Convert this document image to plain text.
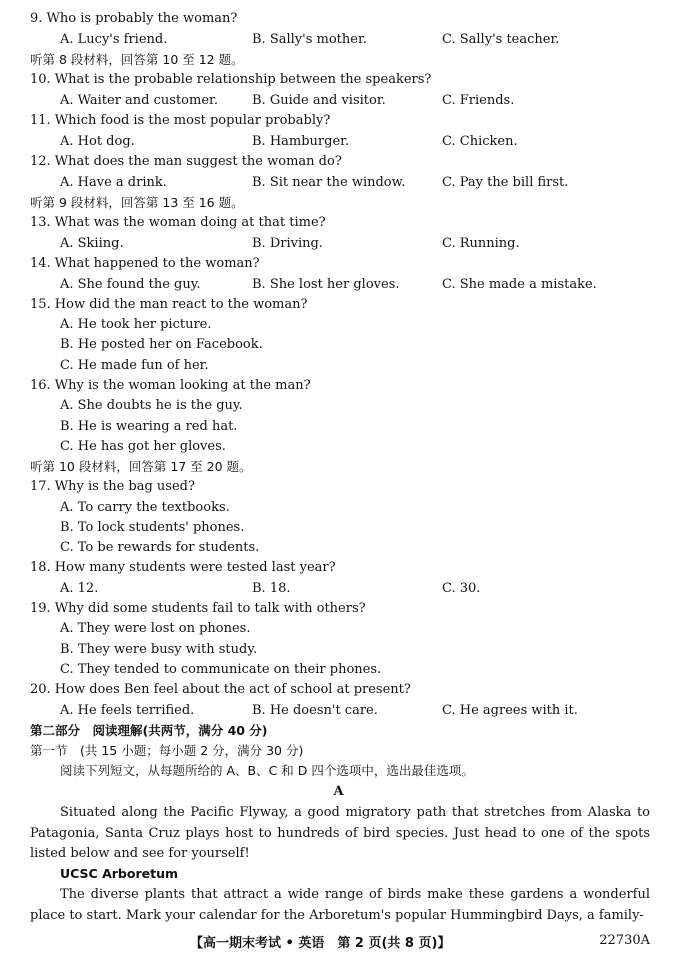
9. Who is probably the woman?
A. Lucy's friend.	B. Sally's mother.	C. Sally's teacher.
听第 8 段材料，回答第 10 至 12 题。
10. What is the probable relationship between the speakers?
A. Waiter and customer.	B. Guide and visitor.	C. Friends.
11. Which food is the most popular probably?
A. Hot dog.	B. Hamburger.	C. Chicken.
12. What does the man suggest the woman do?
A. Have a drink.	B. Sit near the window.	C. Pay the bill first.
听第 9 段材料，回答第 13 至 16 题。
13. What was the woman doing at that time?
A. Skiing.	B. Driving.	C. Running.
14. What happened to the woman?
A. She found the guy.	B. She lost her gloves.	C. She made a mistake.
15. How did the man react to the woman?
A. He took her picture.
B. He posted her on Facebook.
C. He made fun of her.
16. Why is the woman looking at the man?
A. She doubts he is the guy.
B. He is wearing a red hat.
C. He has got her gloves.
听第 10 段材料，回答第 17 至 20 题。
17. Why is the bag used?
A. To carry the textbooks.
B. To lock students' phones.
C. To be rewards for students.
18. How many students were tested last year?
A. 12.	B. 18.	C. 30.
19. Why did some students fail to talk with others?
A. They were lost on phones.
B. They were busy with study.
C. They tended to communicate on their phones.
20. How does Ben feel about the act of school at present?
A. He feels terrified.	B. He doesn't care.	C. He agrees with it.
第二部分　阅读理解(共两节，满分 40 分)
第一节　(共 15 小题；每小题 2 分，满分 30 分)
阅读下列短文，从每题所给的 A、B、C 和 D 四个选项中，选出最佳选项。
A
Situated along the Pacific Flyway, a good migratory path that stretches from Alaska to Patagonia, Santa Cruz plays host to hundreds of bird species. Just head to one of the spots listed below and see for yourself!
UCSC Arboretum
The diverse plants that attract a wide range of birds make these gardens a wonderful place to start. Mark your calendar for the Arboretum's popular Hummingbird Days, a family-
【高一期末考试 • 英语　第 2 页(共 8 页)】	22730A
